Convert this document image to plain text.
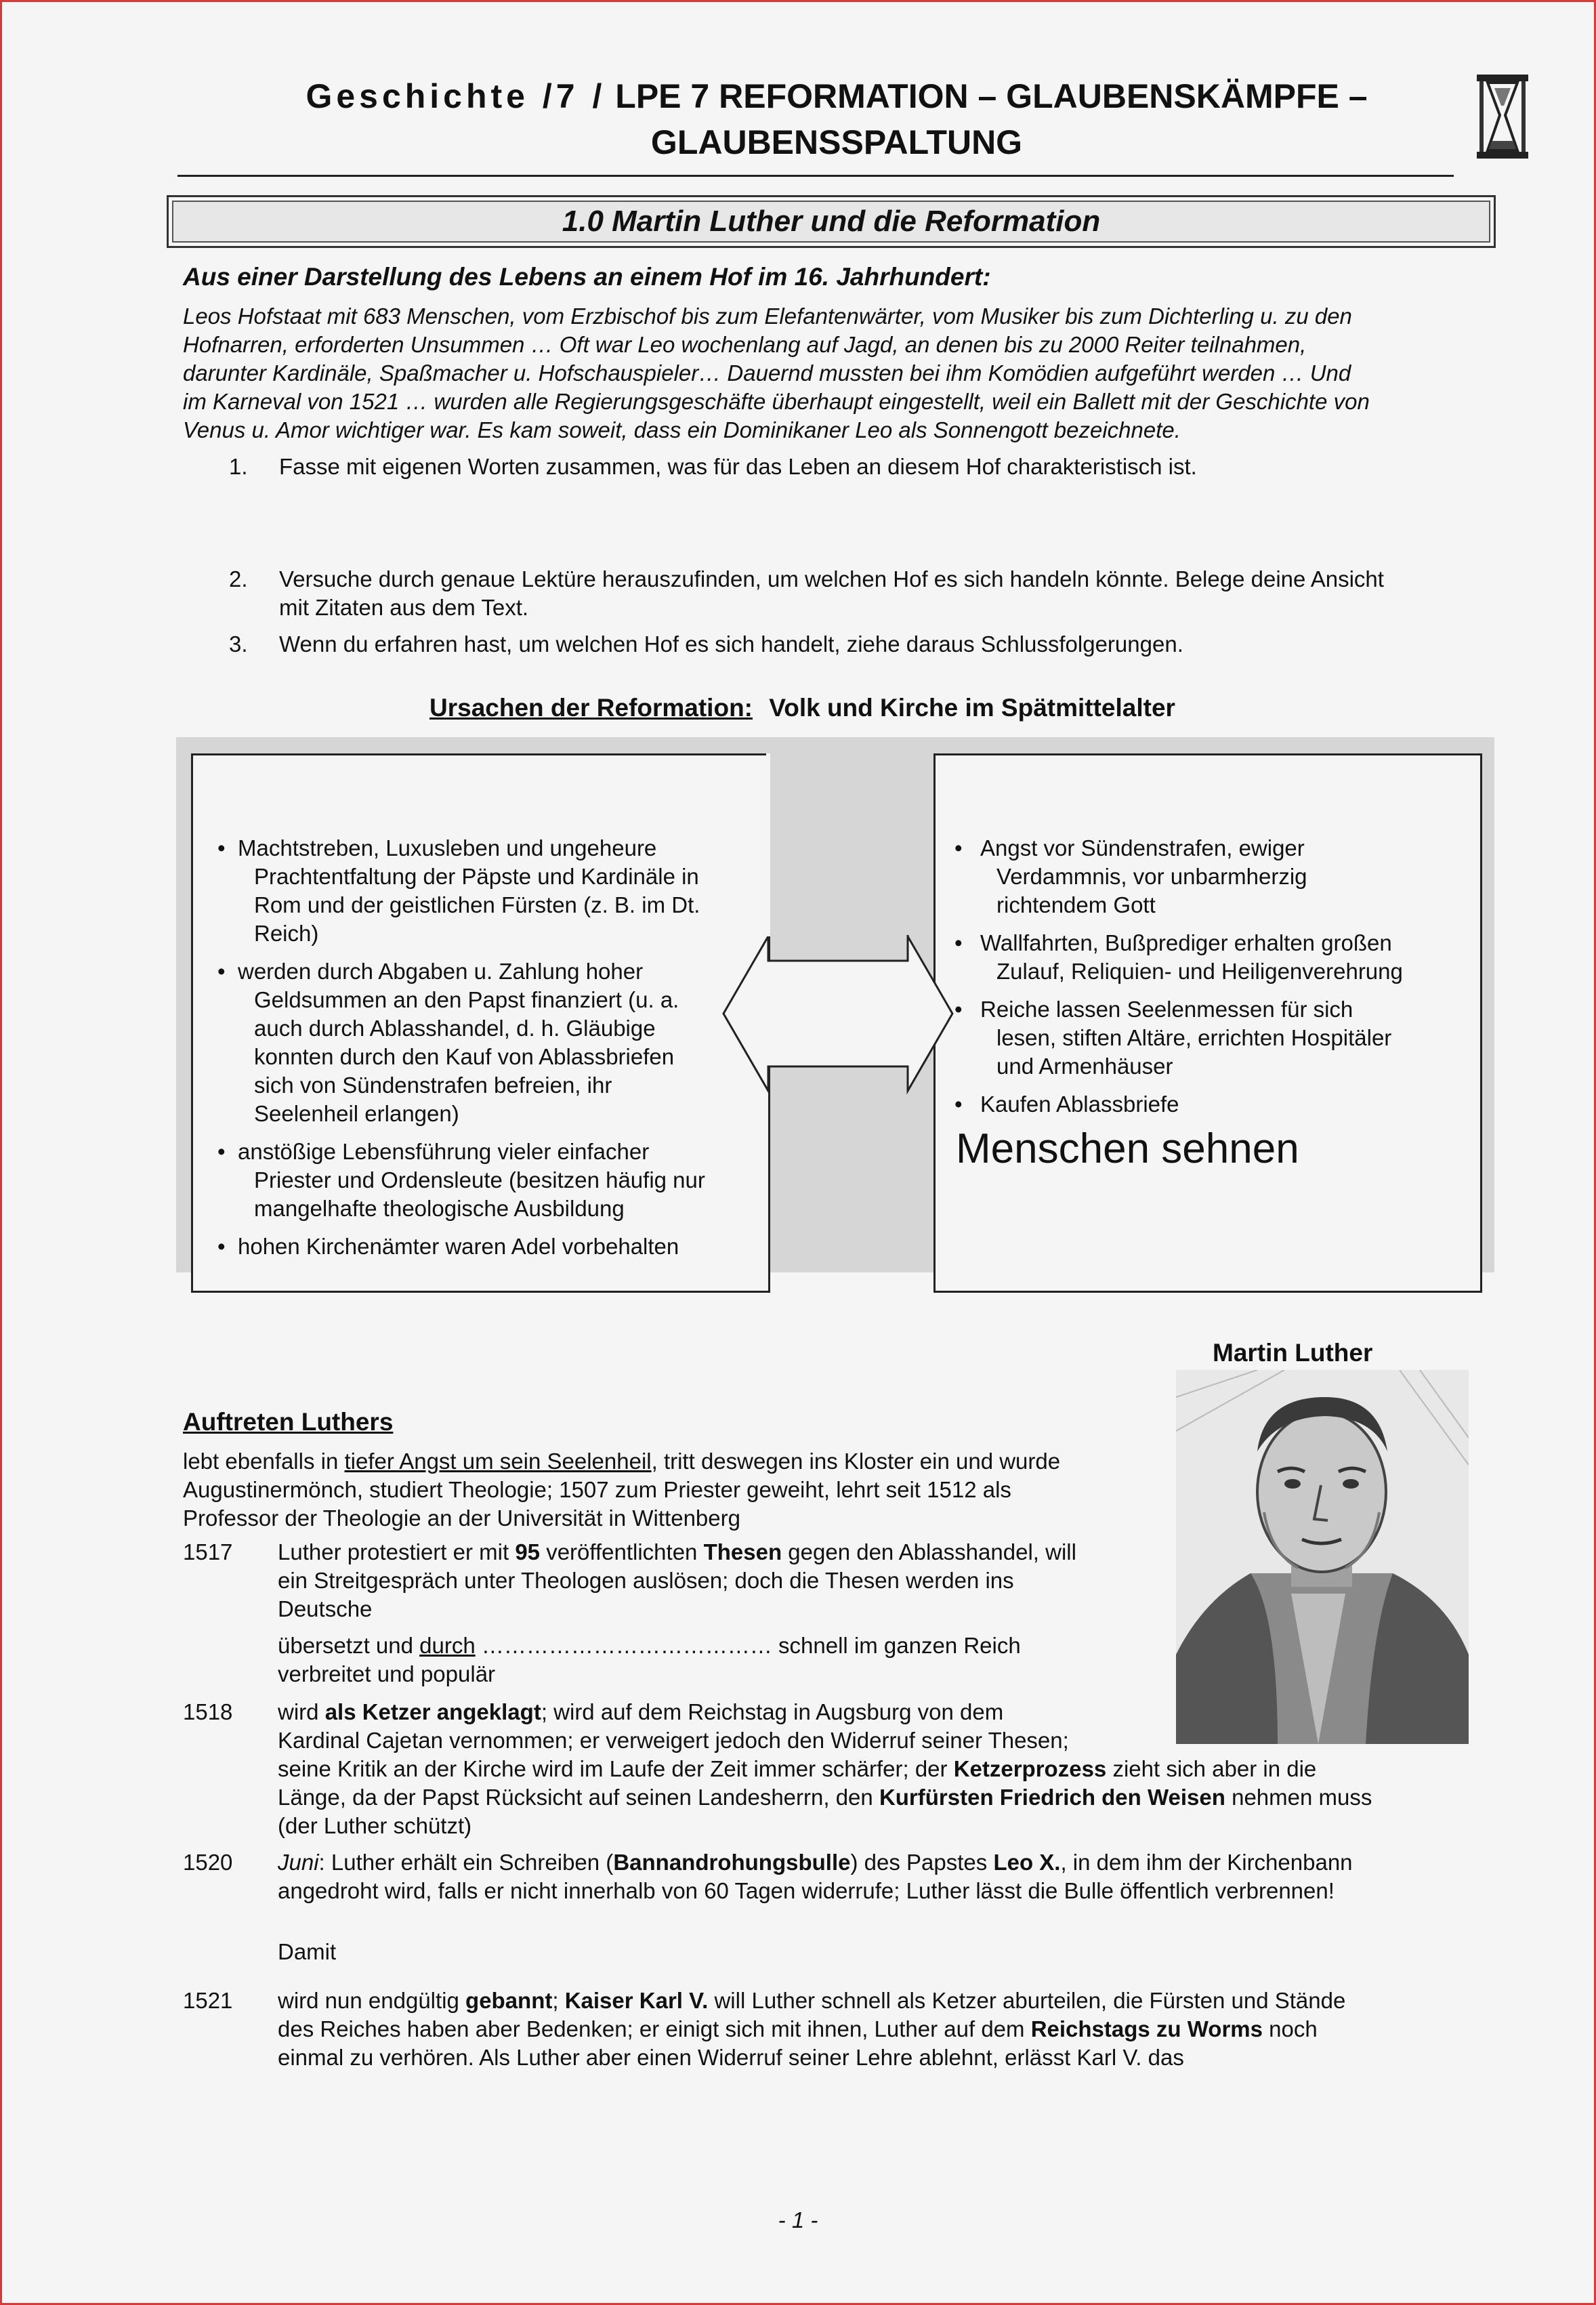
Geschichte /7 / LPE 7 REFORMATION – GLAUBENSKÄMPFE –
GLAUBENSSPALTUNG
1.0 Martin Luther und die Reformation
Aus einer Darstellung des Lebens an einem Hof im 16. Jahrhundert:
Leos Hofstaat mit 683 Menschen, vom Erzbischof bis zum Elefantenwärter, vom Musiker bis zum Dichterling u. zu den
Hofnarren, erforderten Unsummen … Oft war Leo wochenlang auf Jagd, an denen bis zu 2000 Reiter teilnahmen,
darunter Kardinäle, Spaßmacher u. Hofschauspieler… Dauernd mussten bei ihm Komödien aufgeführt werden … Und
im Karneval von 1521 … wurden alle Regierungsgeschäfte überhaupt eingestellt, weil ein Ballett mit der Geschichte von
Venus u. Amor wichtiger war. Es kam soweit, dass ein Dominikaner Leo als Sonnengott bezeichnete.
1. Fasse mit eigenen Worten zusammen, was für das Leben an diesem Hof charakteristisch ist.
2. Versuche durch genaue Lektüre herauszufinden, um welchen Hof es sich handeln könnte. Belege deine Ansicht
mit Zitaten aus dem Text.
3. Wenn du erfahren hast, um welchen Hof es sich handelt, ziehe daraus Schlussfolgerungen.
Ursachen der Reformation: Volk und Kirche im Spätmittelalter
• Machtstreben, Luxusleben und ungeheure
Prachtentfaltung der Päpste und Kardinäle in
Rom und der geistlichen Fürsten (z. B. im Dt.
Reich)
• werden durch Abgaben u. Zahlung hoher
Geldsummen an den Papst finanziert (u. a.
auch durch Ablasshandel, d. h. Gläubige
konnten durch den Kauf von Ablassbriefen
sich von Sündenstrafen befreien, ihr
Seelenheil erlangen)
• anstößige Lebensführung vieler einfacher
Priester und Ordensleute (besitzen häufig nur
mangelhafte theologische Ausbildung
• hohen Kirchenämter waren Adel vorbehalten
• Angst vor Sündenstrafen, ewiger
Verdammnis, vor unbarmherzig
richtendem Gott
• Wallfahrten, Bußprediger erhalten großen
Zulauf, Reliquien- und Heiligenverehrung
• Reiche lassen Seelenmessen für sich
lesen, stiften Altäre, errichten Hospitäler
und Armenhäuser
• Kaufen Ablassbriefe
Menschen sehnen
Martin Luther
Auftreten Luthers
lebt ebenfalls in tiefer Angst um sein Seelenheil, tritt deswegen ins Kloster ein und wurde
Augustinermönch, studiert Theologie; 1507 zum Priester geweiht, lehrt seit 1512 als
Professor der Theologie an der Universität in Wittenberg
1517 Luther protestiert er mit 95 veröffentlichten Thesen gegen den Ablasshandel, will
ein Streitgespräch unter Theologen auslösen; doch die Thesen werden ins
Deutsche
übersetzt und durch ………………………………… schnell im ganzen Reich
verbreitet und populär
1518 wird als Ketzer angeklagt; wird auf dem Reichstag in Augsburg von dem
Kardinal Cajetan vernommen; er verweigert jedoch den Widerruf seiner Thesen;
seine Kritik an der Kirche wird im Laufe der Zeit immer schärfer; der Ketzerprozess zieht sich aber in die
Länge, da der Papst Rücksicht auf seinen Landesherrn, den Kurfürsten Friedrich den Weisen nehmen muss
(der Luther schützt)
1520 Juni: Luther erhält ein Schreiben (Bannandrohungsbulle) des Papstes Leo X., in dem ihm der Kirchenbann
angedroht wird, falls er nicht innerhalb von 60 Tagen widerrufe; Luther lässt die Bulle öffentlich verbrennen!
Damit
1521 wird nun endgültig gebannt; Kaiser Karl V. will Luther schnell als Ketzer aburteilen, die Fürsten und Stände
des Reiches haben aber Bedenken; er einigt sich mit ihnen, Luther auf dem Reichstags zu Worms noch
einmal zu verhören. Als Luther aber einen Widerruf seiner Lehre ablehnt, erlässt Karl V. das
- 1 -
